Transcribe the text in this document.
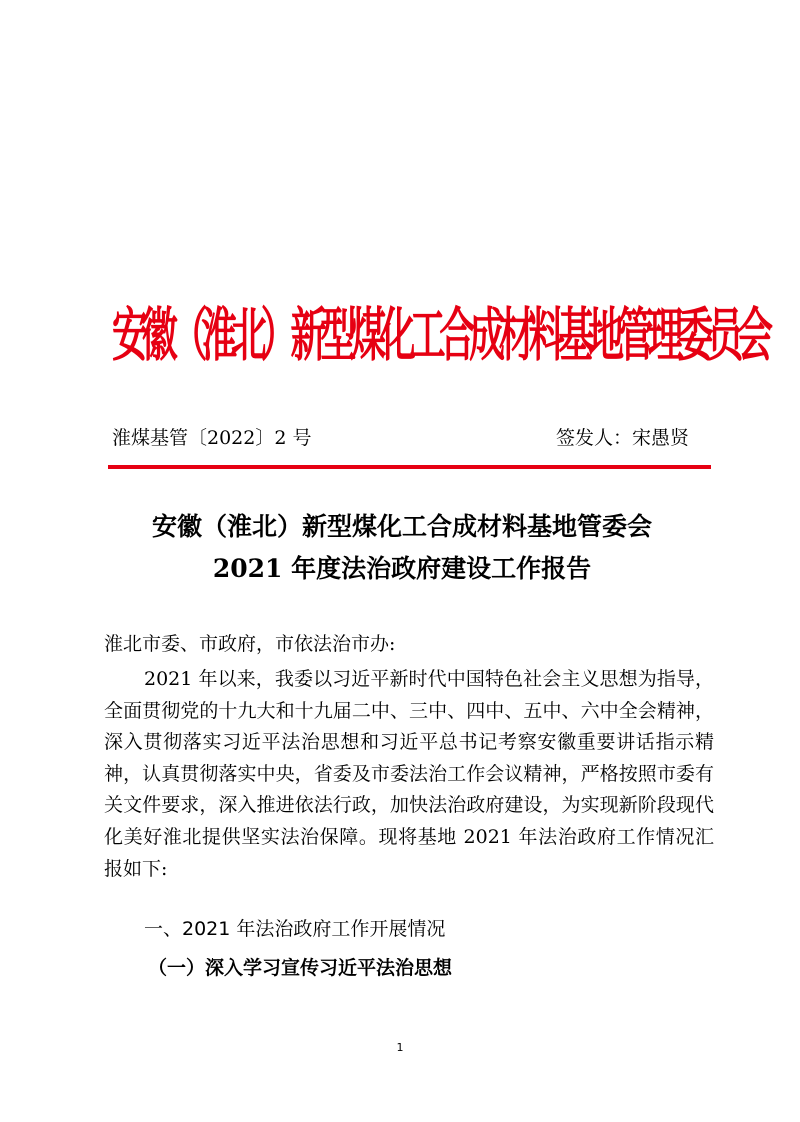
安徽（淮北）新型煤化工合成材料基地管理委员会
淮煤基管〔2022〕2 号	签发人：宋愚贤
安徽（淮北）新型煤化工合成材料基地管委会
2021 年度法治政府建设工作报告
淮北市委、市政府，市依法治市办:

2021 年以来，我委以习近平新时代中国特色社会主义思想为指导，全面贯彻党的十九大和十九届二中、三中、四中、五中、六中全会精神，深入贯彻落实习近平法治思想和习近平总书记考察安徽重要讲话指示精神，认真贯彻落实中央，省委及市委法治工作会议精神，严格按照市委有关文件要求，深入推进依法行政，加快法治政府建设，为实现新阶段现代化美好淮北提供坚实法治保障。现将基地 2021 年法治政府工作情况汇报如下:

一、2021 年法治政府工作开展情况
（一）深入学习宣传习近平法治思想
1
